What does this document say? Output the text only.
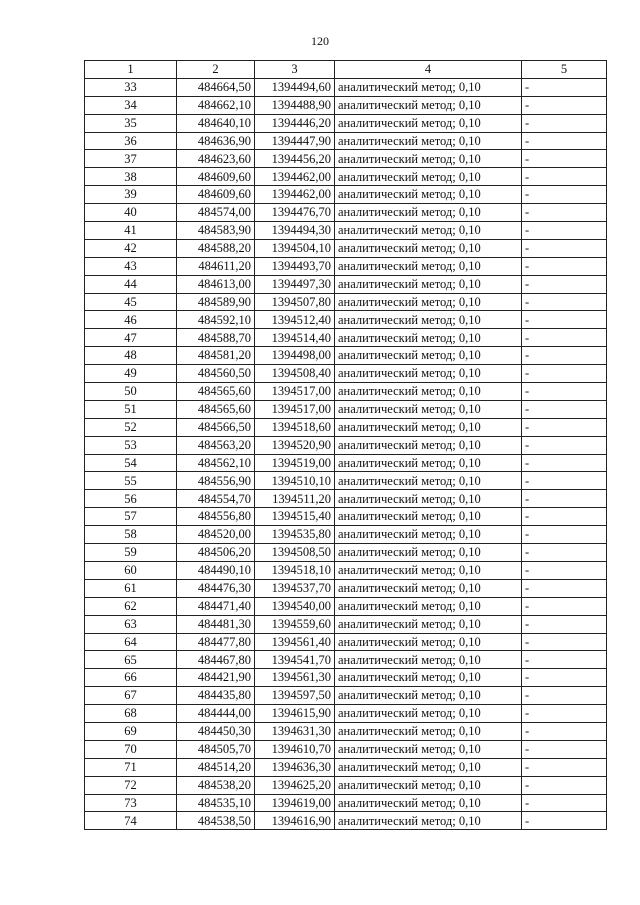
120
1	2	3	4	5
33	484664,50	1394494,60	аналитический метод; 0,10	-
34	484662,10	1394488,90	аналитический метод; 0,10	-
35	484640,10	1394446,20	аналитический метод; 0,10	-
36	484636,90	1394447,90	аналитический метод; 0,10	-
37	484623,60	1394456,20	аналитический метод; 0,10	-
38	484609,60	1394462,00	аналитический метод; 0,10	-
39	484609,60	1394462,00	аналитический метод; 0,10	-
40	484574,00	1394476,70	аналитический метод; 0,10	-
41	484583,90	1394494,30	аналитический метод; 0,10	-
42	484588,20	1394504,10	аналитический метод; 0,10	-
43	484611,20	1394493,70	аналитический метод; 0,10	-
44	484613,00	1394497,30	аналитический метод; 0,10	-
45	484589,90	1394507,80	аналитический метод; 0,10	-
46	484592,10	1394512,40	аналитический метод; 0,10	-
47	484588,70	1394514,40	аналитический метод; 0,10	-
48	484581,20	1394498,00	аналитический метод; 0,10	-
49	484560,50	1394508,40	аналитический метод; 0,10	-
50	484565,60	1394517,00	аналитический метод; 0,10	-
51	484565,60	1394517,00	аналитический метод; 0,10	-
52	484566,50	1394518,60	аналитический метод; 0,10	-
53	484563,20	1394520,90	аналитический метод; 0,10	-
54	484562,10	1394519,00	аналитический метод; 0,10	-
55	484556,90	1394510,10	аналитический метод; 0,10	-
56	484554,70	1394511,20	аналитический метод; 0,10	-
57	484556,80	1394515,40	аналитический метод; 0,10	-
58	484520,00	1394535,80	аналитический метод; 0,10	-
59	484506,20	1394508,50	аналитический метод; 0,10	-
60	484490,10	1394518,10	аналитический метод; 0,10	-
61	484476,30	1394537,70	аналитический метод; 0,10	-
62	484471,40	1394540,00	аналитический метод; 0,10	-
63	484481,30	1394559,60	аналитический метод; 0,10	-
64	484477,80	1394561,40	аналитический метод; 0,10	-
65	484467,80	1394541,70	аналитический метод; 0,10	-
66	484421,90	1394561,30	аналитический метод; 0,10	-
67	484435,80	1394597,50	аналитический метод; 0,10	-
68	484444,00	1394615,90	аналитический метод; 0,10	-
69	484450,30	1394631,30	аналитический метод; 0,10	-
70	484505,70	1394610,70	аналитический метод; 0,10	-
71	484514,20	1394636,30	аналитический метод; 0,10	-
72	484538,20	1394625,20	аналитический метод; 0,10	-
73	484535,10	1394619,00	аналитический метод; 0,10	-
74	484538,50	1394616,90	аналитический метод; 0,10	-
